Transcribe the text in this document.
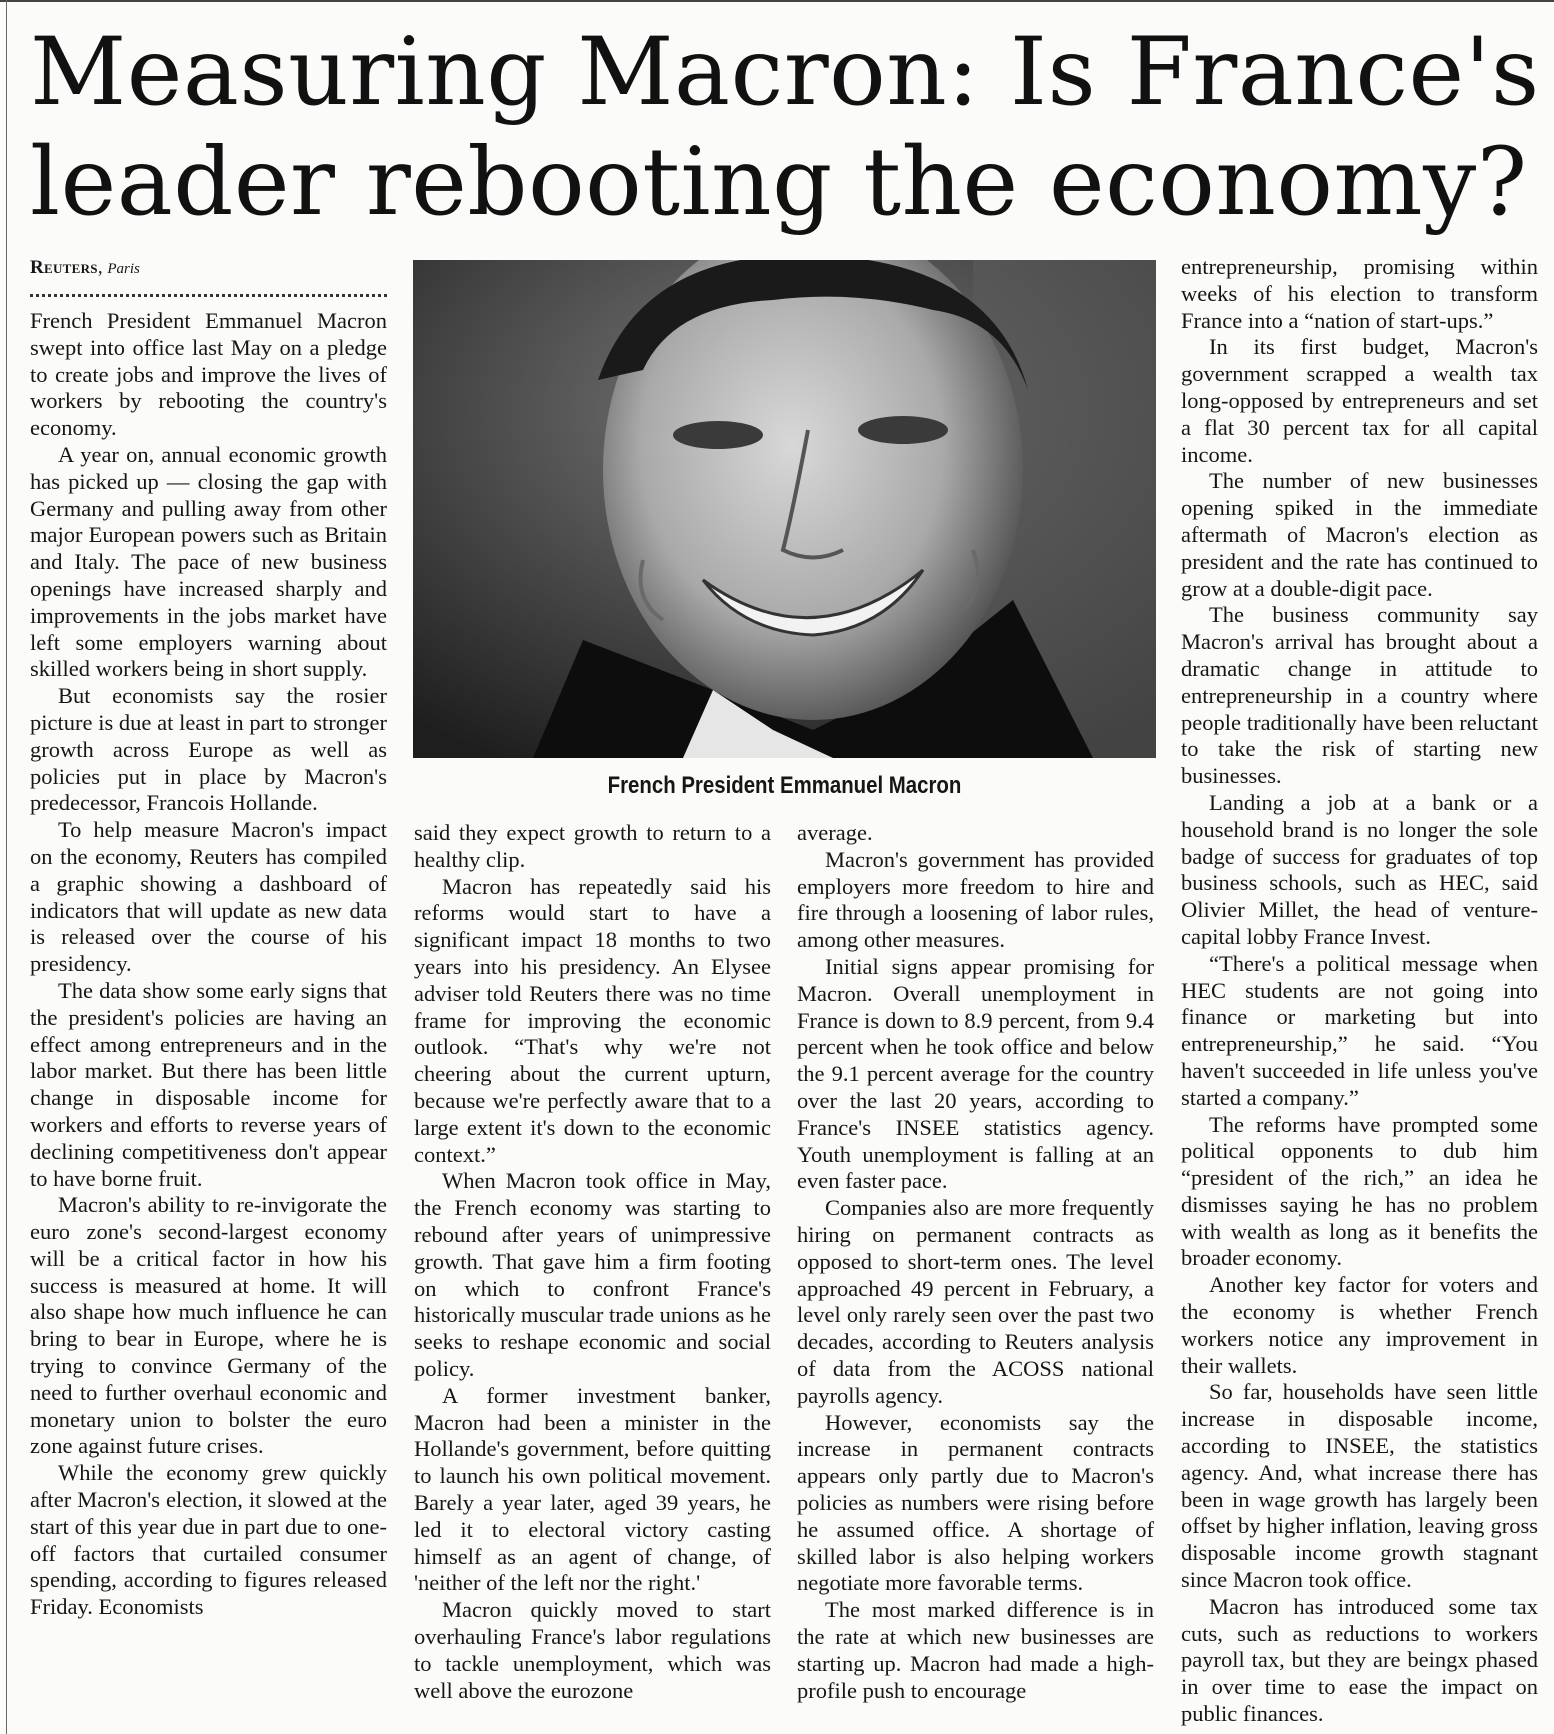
Measuring Macron: Is France's leader rebooting the economy?
Reuters, Paris

French President Emmanuel Macron swept into office last May on a pledge to create jobs and improve the lives of workers by rebooting the country's economy.

A year on, annual economic growth has picked up — closing the gap with Germany and pulling away from other major European powers such as Britain and Italy. The pace of new business openings have increased sharply and improvements in the jobs market have left some employers warning about skilled workers being in short supply.

But economists say the rosier picture is due at least in part to stronger growth across Europe as well as policies put in place by Macron's predecessor, Francois Hollande.

To help measure Macron's impact on the economy, Reuters has compiled a graphic showing a dashboard of indicators that will update as new data is released over the course of his presidency.

The data show some early signs that the president's policies are having an effect among entrepreneurs and in the labor market. But there has been little change in disposable income for workers and efforts to reverse years of declining competitiveness don't appear to have borne fruit.

Macron's ability to re-invigorate the euro zone's second-largest economy will be a critical factor in how his success is measured at home. It will also shape how much influence he can bring to bear in Europe, where he is trying to convince Germany of the need to further overhaul economic and monetary union to bolster the euro zone against future crises.

While the economy grew quickly after Macron's election, it slowed at the start of this year due in part due to one-off factors that curtailed consumer spending, according to figures released Friday. Economists

French President Emmanuel Macron

said they expect growth to return to a healthy clip.

Macron has repeatedly said his reforms would start to have a significant impact 18 months to two years into his presidency. An Elysee adviser told Reuters there was no time frame for improving the economic outlook. “That's why we're not cheering about the current upturn, because we're perfectly aware that to a large extent it's down to the economic context.”

When Macron took office in May, the French economy was starting to rebound after years of unimpressive growth. That gave him a firm footing on which to confront France's historically muscular trade unions as he seeks to reshape economic and social policy.

A former investment banker, Macron had been a minister in the Hollande's government, before quitting to launch his own political movement. Barely a year later, aged 39 years, he led it to electoral victory casting himself as an agent of change, of 'neither of the left nor the right.'

Macron quickly moved to start overhauling France's labor regulations to tackle unemployment, which was well above the eurozone

average.

Macron's government has provided employers more freedom to hire and fire through a loosening of labor rules, among other measures.

Initial signs appear promising for Macron. Overall unemployment in France is down to 8.9 percent, from 9.4 percent when he took office and below the 9.1 percent average for the country over the last 20 years, according to France's INSEE statistics agency. Youth unemployment is falling at an even faster pace.

Companies also are more frequently hiring on permanent contracts as opposed to short-term ones. The level approached 49 percent in February, a level only rarely seen over the past two decades, according to Reuters analysis of data from the ACOSS national payrolls agency.

However, economists say the increase in permanent contracts appears only partly due to Macron's policies as numbers were rising before he assumed office. A shortage of skilled labor is also helping workers negotiate more favorable terms.

The most marked difference is in the rate at which new businesses are starting up. Macron had made a high-profile push to encourage

entrepreneurship, promising within weeks of his election to transform France into a “nation of start-ups.”

In its first budget, Macron's government scrapped a wealth tax long-opposed by entrepreneurs and set a flat 30 percent tax for all capital income.

The number of new businesses opening spiked in the immediate aftermath of Macron's election as president and the rate has continued to grow at a double-digit pace.

The business community say Macron's arrival has brought about a dramatic change in attitude to entrepreneurship in a country where people traditionally have been reluctant to take the risk of starting new businesses.

Landing a job at a bank or a household brand is no longer the sole badge of success for graduates of top business schools, such as HEC, said Olivier Millet, the head of venture-capital lobby France Invest.

“There's a political message when HEC students are not going into finance or marketing but into entrepreneurship,” he said. “You haven't succeeded in life unless you've started a company.”

The reforms have prompted some political opponents to dub him “president of the rich,” an idea he dismisses saying he has no problem with wealth as long as it benefits the broader economy.

Another key factor for voters and the economy is whether French workers notice any improvement in their wallets.

So far, households have seen little increase in disposable income, according to INSEE, the statistics agency. And, what increase there has been in wage growth has largely been offset by higher inflation, leaving gross disposable income growth stagnant since Macron took office.

Macron has introduced some tax cuts, such as reductions to workers payroll tax, but they are beingx phased in over time to ease the impact on public finances.
